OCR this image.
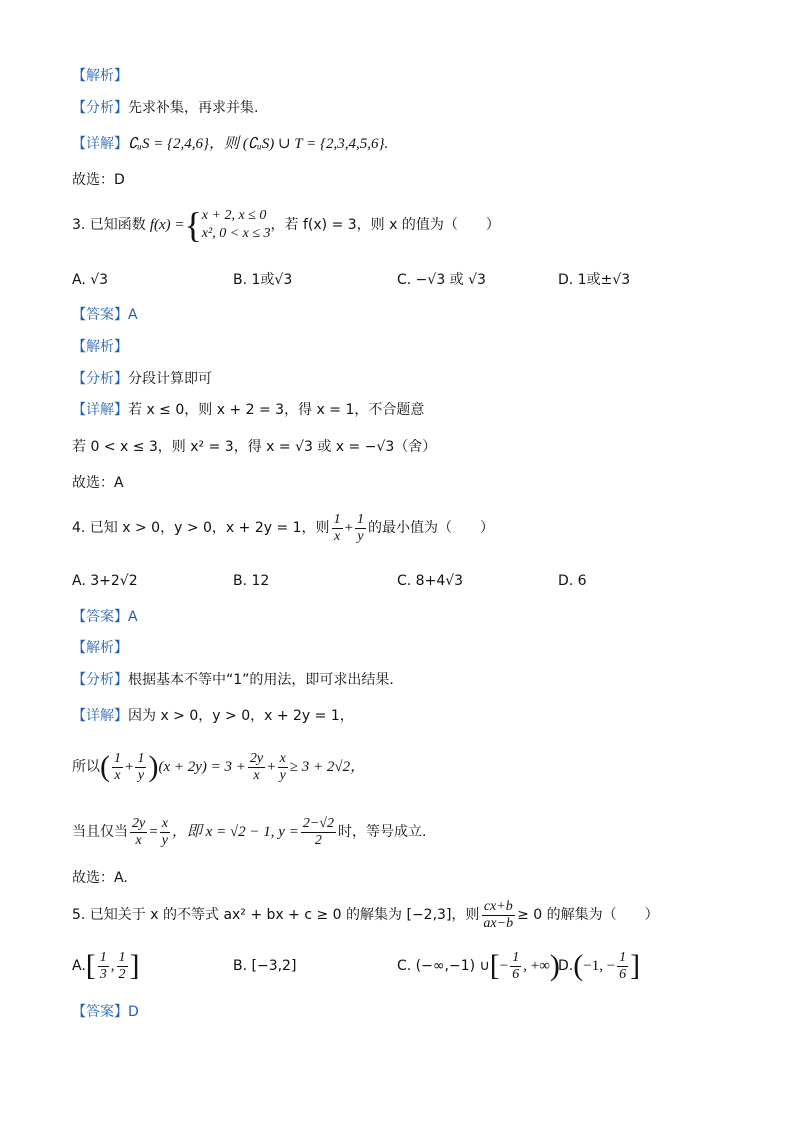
【解析】
【分析】先求补集，再求并集.
【详解】∁ᵤS = {2,4,6}，则 (∁ᵤS) ∪ T = {2,3,4,5,6}.
故选：D
3. 已知函数 f(x) = { x + 2, x ≤ 0
x², 0 < x ≤ 3
，若 f(x) = 3，则 x 的值为（　　）
A. √3	B. 1或√3	C. −√3 或 √3	D. 1或±√3
【答案】A
【解析】
【分析】分段计算即可
【详解】若 x ≤ 0，则 x + 2 = 3，得 x = 1，不合题意
若 0 < x ≤ 3，则 x² = 3，得 x = √3 或 x = −√3（舍）
故选：A
4. 已知 x > 0，y > 0，x + 2y = 1，则 $\frac{1}{x} + \frac{1}{y}$ 的最小值为（　　）
A. 3+2√2	B. 12	C. 8+4√3	D. 6
【答案】A
【解析】
【分析】根据基本不等中“1”的用法，即可求出结果.
【详解】因为 x > 0，y > 0，x + 2y = 1，
所以 ( $\frac{1}{x} + \frac{1}{y}$ ) $(x + 2y) = 3 + \frac{2y}{x} + \frac{x}{y} \ge 3 + 2√2$，
当且仅当 $\frac{2y}{x} = \frac{x}{y}$ ，即 x = √2 − 1, $y = \frac{2-√2}{2}$ 时，等号成立.
故选：A.
5. 已知关于 x 的不等式 ax² + bx + c ≥ 0 的解集为 [−2,3]，则 $\frac{cx+b}{ax-b} \ge 0$ 的解集为（　　）
A. [ $\frac{1}{3}$ , $\frac{1}{2}$ ]	B. [−3,2]	C. (−∞,−1) ∪ [ − $\frac{1}{6}$ , +∞ )
D. ( −1, − $\frac{1}{6}$ ]
【答案】D
